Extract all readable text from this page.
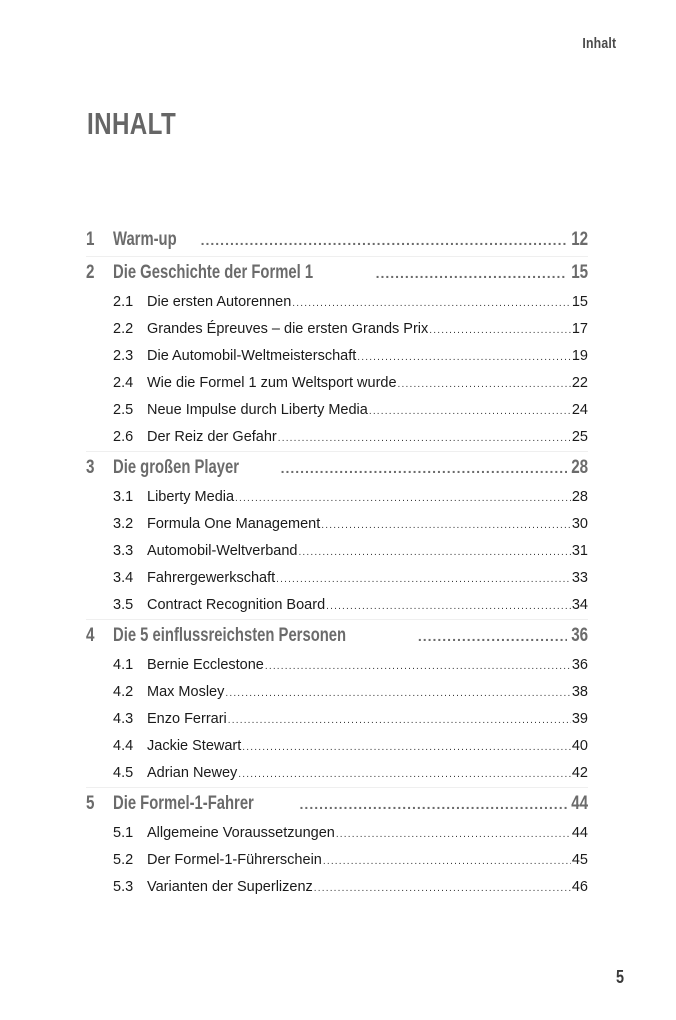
Inhalt
INHALT
1 Warm-up .....	12
2 Die Geschichte der Formel 1 .....	15
2.1 Die ersten Autorennen .....	15
2.2 Grandes Épreuves – die ersten Grands Prix .....	17
2.3 Die Automobil-Weltmeisterschaft .....	19
2.4 Wie die Formel 1 zum Weltsport wurde .....	22
2.5 Neue Impulse durch Liberty Media .....	24
2.6 Der Reiz der Gefahr .....	25
3 Die großen Player .....	28
3.1 Liberty Media .....	28
3.2 Formula One Management .....	30
3.3 Automobil-Weltverband .....	31
3.4 Fahrergewerkschaft .....	33
3.5 Contract Recognition Board .....	34
4 Die 5 einflussreichsten Personen .....	36
4.1 Bernie Ecclestone .....	36
4.2 Max Mosley .....	38
4.3 Enzo Ferrari .....	39
4.4 Jackie Stewart .....	40
4.5 Adrian Newey .....	42
5 Die Formel-1-Fahrer .....	44
5.1 Allgemeine Voraussetzungen .....	44
5.2 Der Formel-1-Führerschein .....	45
5.3 Varianten der Superlizenz .....	46
5
